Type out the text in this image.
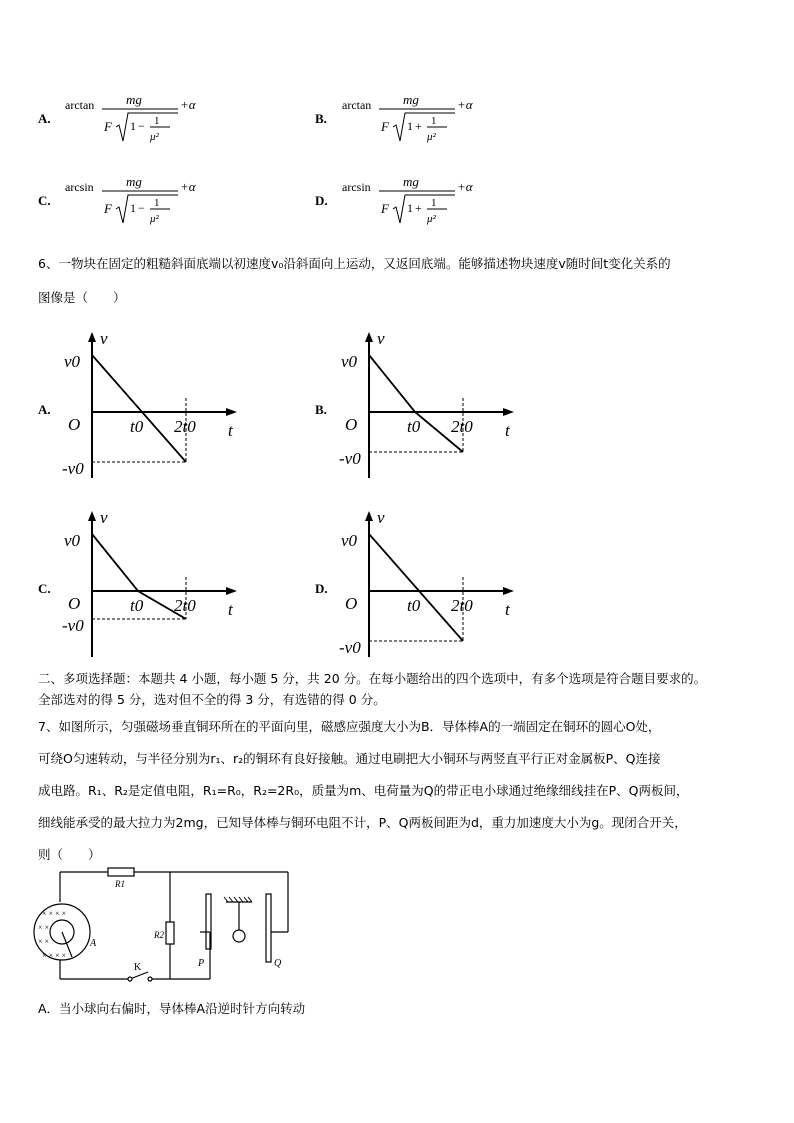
A.
arctan mg
F 1 − 1
μ²
+α
B.
arctan mg
F 1 + 1
μ²
+α
C.
arcsin mg
F 1 − 1
μ²
+α
D.
arcsin mg
F 1 + 1
μ²
+α
6、一物块在固定的粗糙斜面底端以初速度v₀沿斜面向上运动，又返回底端。能够描述物块速度v随时间t变化关系的
图像是（　　）
A.
v
v0
O	t0 2t0 t
-v0
B.
v
v0
O	t0 2t0 t
-v0
C.
v
v0
O	t0 2t0 t
-v0
D.
v
v0
O	t0 2t0 t
-v0
二、多项选择题：本题共 4 小题，每小题 5 分，共 20 分。在每小题给出的四个选项中，有多个选项是符合题目要求的。
全部选对的得 5 分，选对但不全的得 3 分，有选错的得 0 分。
7、如图所示，匀强磁场垂直铜环所在的平面向里，磁感应强度大小为B．导体棒A的一端固定在铜环的圆心O处，
可绕O匀速转动，与半径分别为r₁、r₂的铜环有良好接触。通过电刷把大小铜环与两竖直平行正对金属板P、Q连接
成电路。R₁、R₂是定值电阻，R₁=R₀，R₂=2R₀，质量为m、电荷量为Q的带正电小球通过绝缘细线挂在P、Q两板间，
细线能承受的最大拉力为2mg，已知导体棒与铜环电阻不计，P、Q两板间距为d，重力加速度大小为g。现闭合开关，
则（　　）
× × × ×
× ×
× ×
× × × ×
R1
R2
K
A
P	Q
A．当小球向右偏时，导体棒A沿逆时针方向转动
